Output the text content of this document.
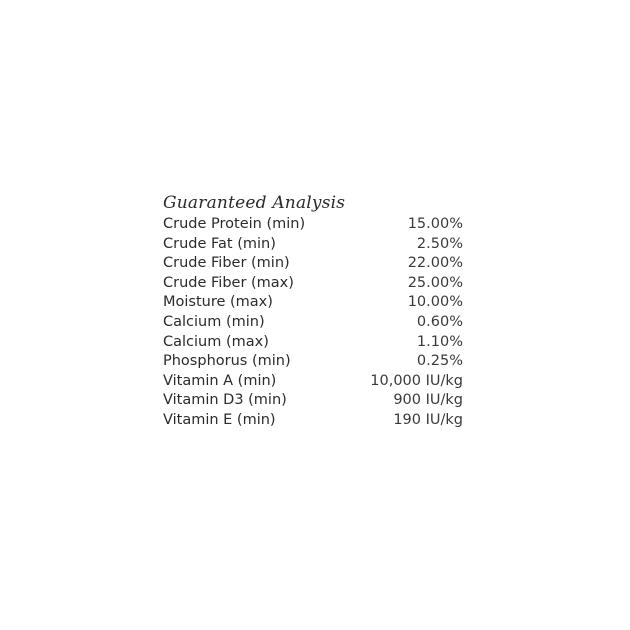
Guaranteed Analysis
Crude Protein (min)	15.00%
Crude Fat (min)	2.50%
Crude Fiber (min)	22.00%
Crude Fiber (max)	25.00%
Moisture (max)	10.00%
Calcium (min)	0.60%
Calcium (max)	1.10%
Phosphorus (min)	0.25%
Vitamin A (min)	10,000 IU/kg
Vitamin D3 (min)	900 IU/kg
Vitamin E (min)	190 IU/kg
